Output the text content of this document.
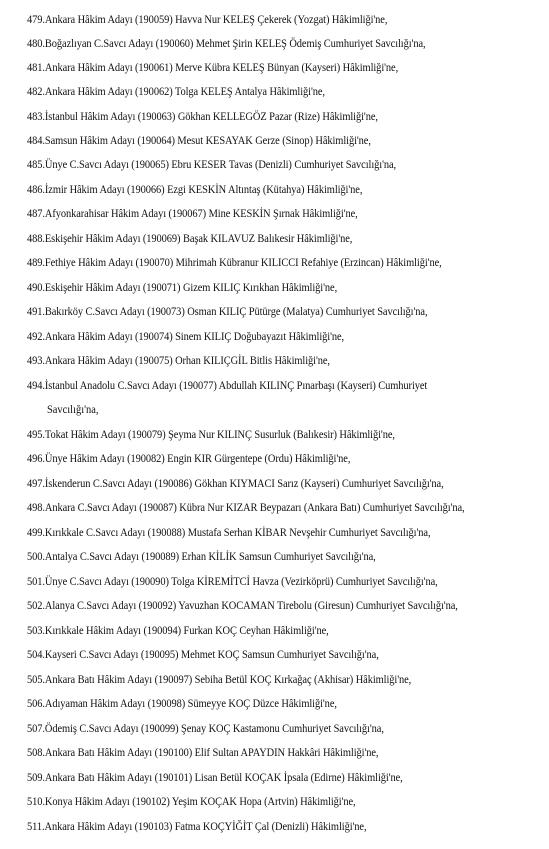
479.Ankara Hâkim Adayı (190059) Havva Nur KELEŞ Çekerek (Yozgat) Hâkimliği'ne,
480.Boğazlıyan C.Savcı Adayı (190060) Mehmet Şirin KELEŞ Ödemiş Cumhuriyet Savcılığı'na,
481.Ankara Hâkim Adayı (190061) Merve Kübra KELEŞ Bünyan (Kayseri) Hâkimliği'ne,
482.Ankara Hâkim Adayı (190062) Tolga KELEŞ Antalya Hâkimliği'ne,
483.İstanbul Hâkim Adayı (190063) Gökhan KELLEGÖZ Pazar (Rize) Hâkimliği'ne,
484.Samsun Hâkim Adayı (190064) Mesut KESAYAK Gerze (Sinop) Hâkimliği'ne,
485.Ünye C.Savcı Adayı (190065) Ebru KESER Tavas (Denizli) Cumhuriyet Savcılığı'na,
486.İzmir Hâkim Adayı (190066) Ezgi KESKİN Altıntaş (Kütahya) Hâkimliği'ne,
487.Afyonkarahisar Hâkim Adayı (190067) Mine KESKİN Şırnak Hâkimliği'ne,
488.Eskişehir Hâkim Adayı (190069) Başak KILAVUZ Balıkesir Hâkimliği'ne,
489.Fethiye Hâkim Adayı (190070) Mihrimah Kübranur KILICCI Refahiye (Erzincan) Hâkimliği'ne,
490.Eskişehir Hâkim Adayı (190071) Gizem KILIÇ Kırıkhan Hâkimliği'ne,
491.Bakırköy C.Savcı Adayı (190073) Osman KILIÇ Pütürge (Malatya) Cumhuriyet Savcılığı'na,
492.Ankara Hâkim Adayı (190074) Sinem KILIÇ Doğubayazıt Hâkimliği'ne,
493.Ankara Hâkim Adayı (190075) Orhan KILIÇGİL Bitlis Hâkimliği'ne,
494.İstanbul Anadolu C.Savcı Adayı (190077) Abdullah KILINÇ Pınarbaşı (Kayseri) Cumhuriyet
Savcılığı'na,
495.Tokat Hâkim Adayı (190079) Şeyma Nur KILINÇ Susurluk (Balıkesir) Hâkimliği'ne,
496.Ünye Hâkim Adayı (190082) Engin KIR Gürgentepe (Ordu) Hâkimliği'ne,
497.İskenderun C.Savcı Adayı (190086) Gökhan KIYMACI Sarız (Kayseri) Cumhuriyet Savcılığı'na,
498.Ankara C.Savcı Adayı (190087) Kübra Nur KIZAR Beypazarı (Ankara Batı) Cumhuriyet Savcılığı'na,
499.Kırıkkale C.Savcı Adayı (190088) Mustafa Serhan KİBAR Nevşehir Cumhuriyet Savcılığı'na,
500.Antalya C.Savcı Adayı (190089) Erhan KİLİK Samsun Cumhuriyet Savcılığı'na,
501.Ünye C.Savcı Adayı (190090) Tolga KİREMİTCİ Havza (Vezirköprü) Cumhuriyet Savcılığı'na,
502.Alanya C.Savcı Adayı (190092) Yavuzhan KOCAMAN Tirebolu (Giresun) Cumhuriyet Savcılığı'na,
503.Kırıkkale Hâkim Adayı (190094) Furkan KOÇ Ceyhan Hâkimliği'ne,
504.Kayseri C.Savcı Adayı (190095) Mehmet KOÇ Samsun Cumhuriyet Savcılığı'na,
505.Ankara Batı Hâkim Adayı (190097) Sebiha Betül KOÇ Kırkağaç (Akhisar) Hâkimliği'ne,
506.Adıyaman Hâkim Adayı (190098) Sümeyye KOÇ Düzce Hâkimliği'ne,
507.Ödemiş C.Savcı Adayı (190099) Şenay KOÇ Kastamonu Cumhuriyet Savcılığı'na,
508.Ankara Batı Hâkim Adayı (190100) Elif Sultan APAYDIN Hakkâri Hâkimliği'ne,
509.Ankara Batı Hâkim Adayı (190101) Lisan Betül KOÇAK İpsala (Edirne) Hâkimliği'ne,
510.Konya Hâkim Adayı (190102) Yeşim KOÇAK Hopa (Artvin) Hâkimliği'ne,
511.Ankara Hâkim Adayı (190103) Fatma KOÇYİĞİT Çal (Denizli) Hâkimliği'ne,
